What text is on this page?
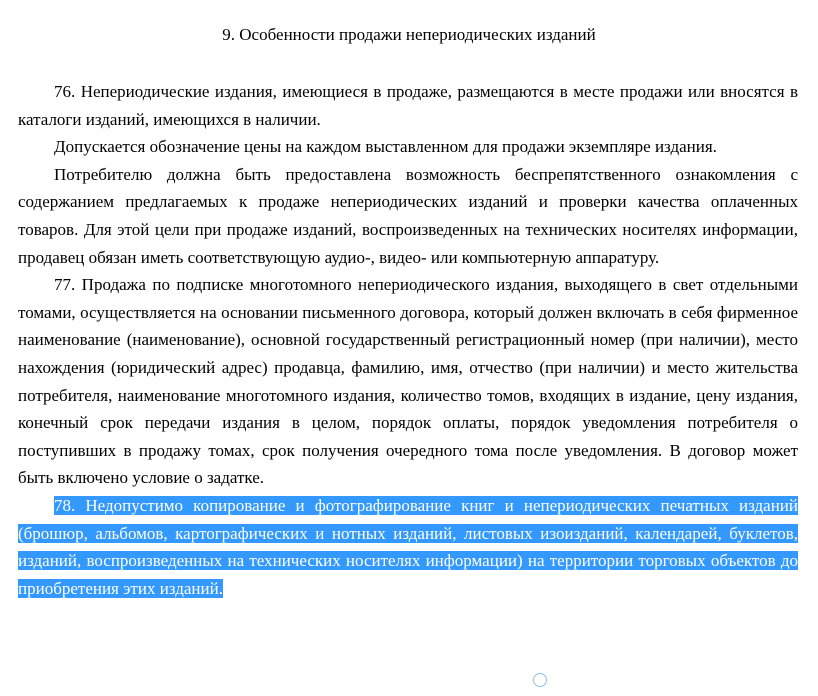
9. Особенности продажи непериодических изданий

76. Непериодические издания, имеющиеся в продаже, размещаются в месте продажи или вносятся в каталоги изданий, имеющихся в наличии.

Допускается обозначение цены на каждом выставленном для продажи экземпляре издания.

Потребителю должна быть предоставлена возможность беспрепятственного ознакомления с содержанием предлагаемых к продаже непериодических изданий и проверки качества оплаченных товаров. Для этой цели при продаже изданий, воспроизведенных на технических носителях информации, продавец обязан иметь соответствующую аудио-, видео- или компьютерную аппаратуру.

77. Продажа по подписке многотомного непериодического издания, выходящего в свет отдельными томами, осуществляется на основании письменного договора, который должен включать в себя фирменное наименование (наименование), основной государственный регистрационный номер (при наличии), место нахождения (юридический адрес) продавца, фамилию, имя, отчество (при наличии) и место жительства потребителя, наименование многотомного издания, количество томов, входящих в издание, цену издания, конечный срок передачи издания в целом, порядок оплаты, порядок уведомления потребителя о поступивших в продажу томах, срок получения очередного тома после уведомления. В договор может быть включено условие о задатке.

78. Недопустимо копирование и фотографирование книг и непериодических печатных изданий (брошюр, альбомов, картографических и нотных изданий, листовых изоизданий, календарей, буклетов, изданий, воспроизведенных на технических носителях информации) на территории торговых объектов до приобретения этих изданий.
